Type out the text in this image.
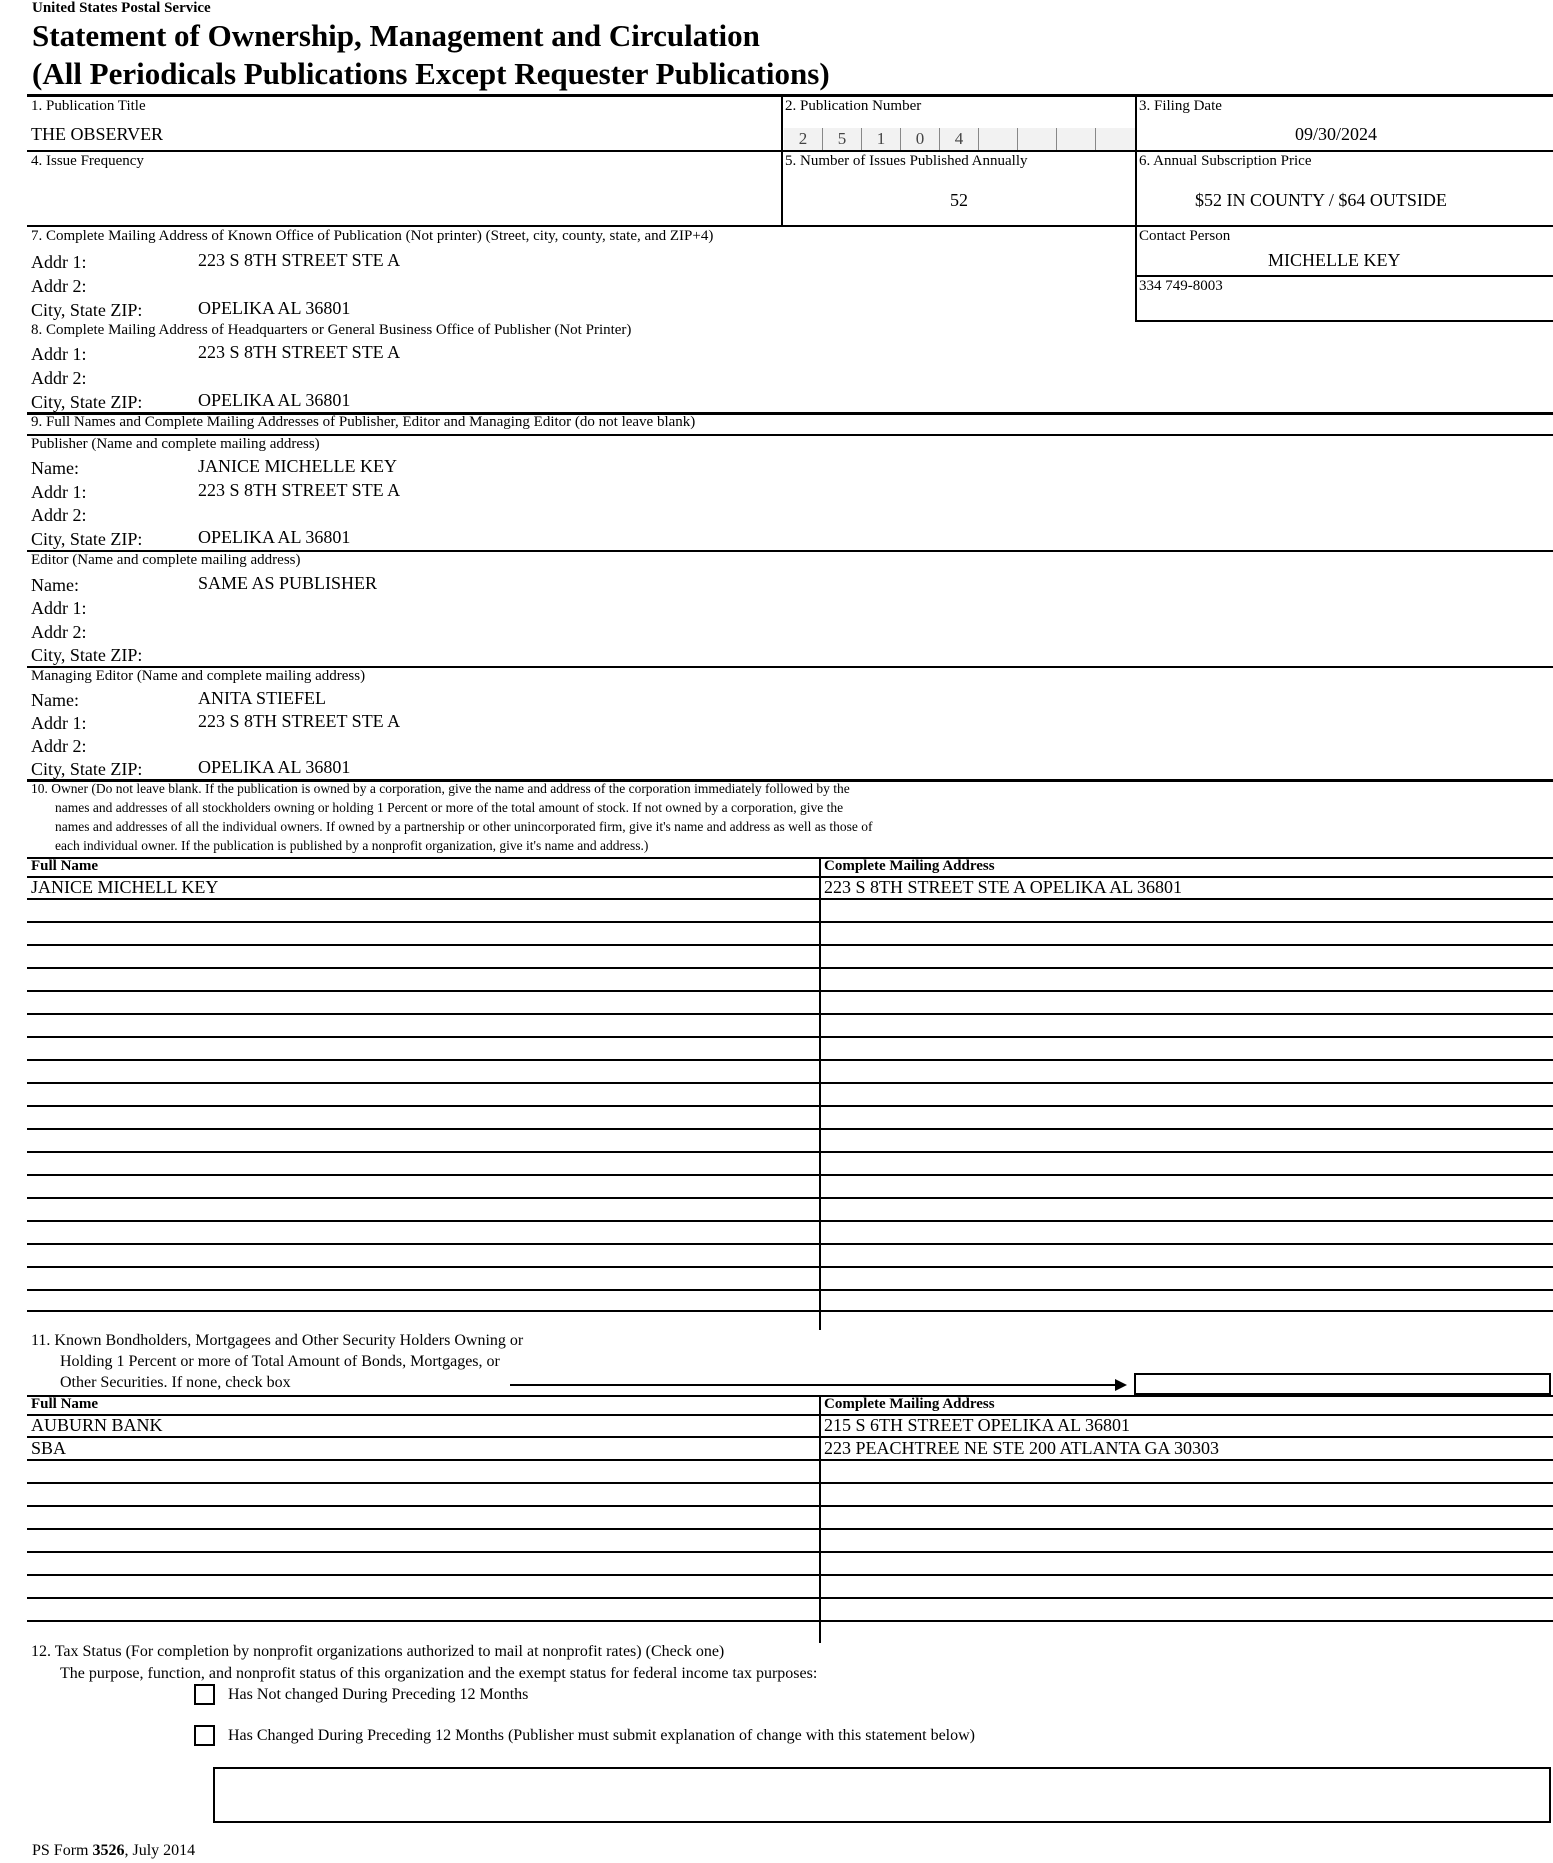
United States Postal Service
Statement of Ownership, Management and Circulation
(All Periodicals Publications Except Requester Publications)
1. Publication Title
THE OBSERVER
2. Publication Number
2	5	1	0	4
3. Filing Date
09/30/2024
4. Issue Frequency	5. Number of Issues Published Annually
52
6. Annual Subscription Price
$52 IN COUNTY / $64 OUTSIDE
7. Complete Mailing Address of Known Office of Publication (Not printer) (Street, city, county, state, and ZIP+4)
Addr 1:	223 S 8TH STREET STE A
Addr 2:
City, State ZIP:	OPELIKA AL 36801
Contact Person
MICHELLE KEY
334 749-8003
8. Complete Mailing Address of Headquarters or General Business Office of Publisher (Not Printer)
Addr 1:	223 S 8TH STREET STE A
Addr 2:
City, State ZIP:	OPELIKA AL 36801
9. Full Names and Complete Mailing Addresses of Publisher, Editor and Managing Editor (do not leave blank)
Publisher (Name and complete mailing address)
Name:	JANICE MICHELLE KEY
Addr 1:	223 S 8TH STREET STE A
Addr 2:
City, State ZIP:	OPELIKA AL 36801
Editor (Name and complete mailing address)
Name:	SAME AS PUBLISHER
Addr 1:
Addr 2:
City, State ZIP:
Managing Editor (Name and complete mailing address)
Name:	ANITA STIEFEL
Addr 1:	223 S 8TH STREET STE A
Addr 2:
City, State ZIP:	OPELIKA AL 36801
10. Owner (Do not leave blank. If the publication is owned by a corporation, give the name and address of the corporation immediately followed by the
names and addresses of all stockholders owning or holding 1 Percent or more of the total amount of stock. If not owned by a corporation, give the
names and addresses of all the individual owners. If owned by a partnership or other unincorporated firm, give it's name and address as well as those of
each individual owner. If the publication is published by a nonprofit organization, give it's name and address.)
Full Name	Complete Mailing Address
JANICE MICHELL KEY	223 S 8TH STREET STE A OPELIKA AL 36801
11. Known Bondholders, Mortgagees and Other Security Holders Owning or
Holding 1 Percent or more of Total Amount of Bonds, Mortgages, or
Other Securities. If none, check box
Full Name	Complete Mailing Address
AUBURN BANK	215 S 6TH STREET OPELIKA AL 36801
SBA	223 PEACHTREE NE STE 200 ATLANTA GA 30303
12. Tax Status (For completion by nonprofit organizations authorized to mail at nonprofit rates) (Check one)
The purpose, function, and nonprofit status of this organization and the exempt status for federal income tax purposes:
Has Not changed During Preceding 12 Months
Has Changed During Preceding 12 Months (Publisher must submit explanation of change with this statement below)
PS Form 3526, July 2014
